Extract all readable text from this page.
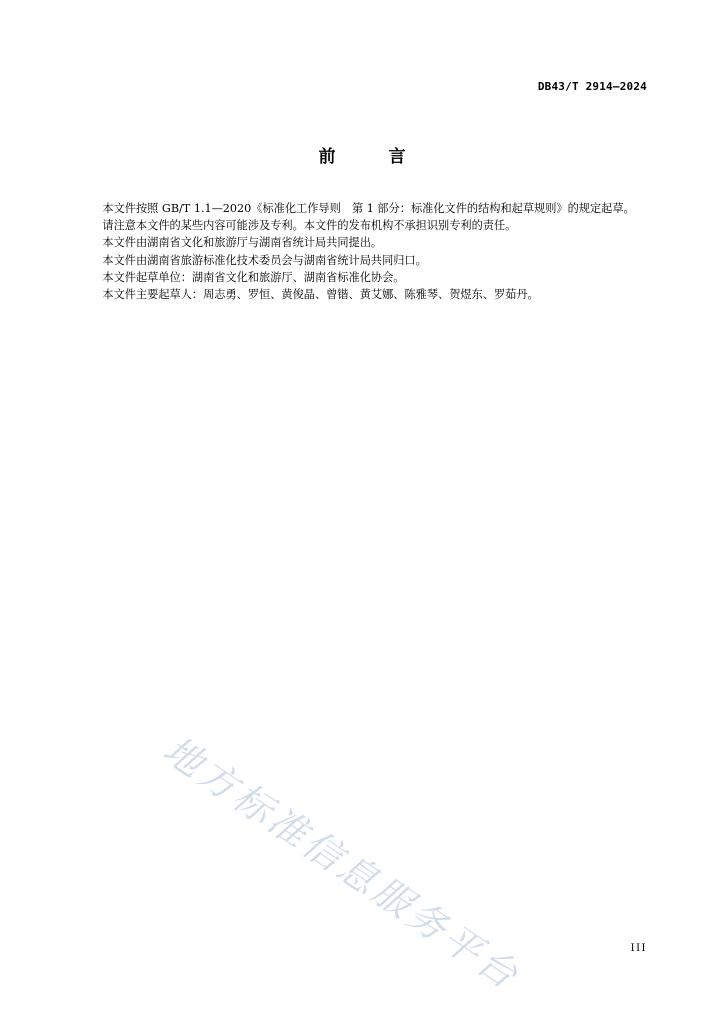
DB43/T 2914—2024
前　言

本文件按照 GB/T 1.1—2020《标准化工作导则　第 1 部分：标准化文件的结构和起草规则》的规定起草。

请注意本文件的某些内容可能涉及专利。本文件的发布机构不承担识别专利的责任。

本文件由湖南省文化和旅游厅与湖南省统计局共同提出。

本文件由湖南省旅游标准化技术委员会与湖南省统计局共同归口。

本文件起草单位：湖南省文化和旅游厅、湖南省标准化协会。

本文件主要起草人：周志勇、罗恒、黄俊晶、曾锴、黄艾娜、陈雅琴、贺煜东、罗茹丹。

地方标准信息服务平台	III
